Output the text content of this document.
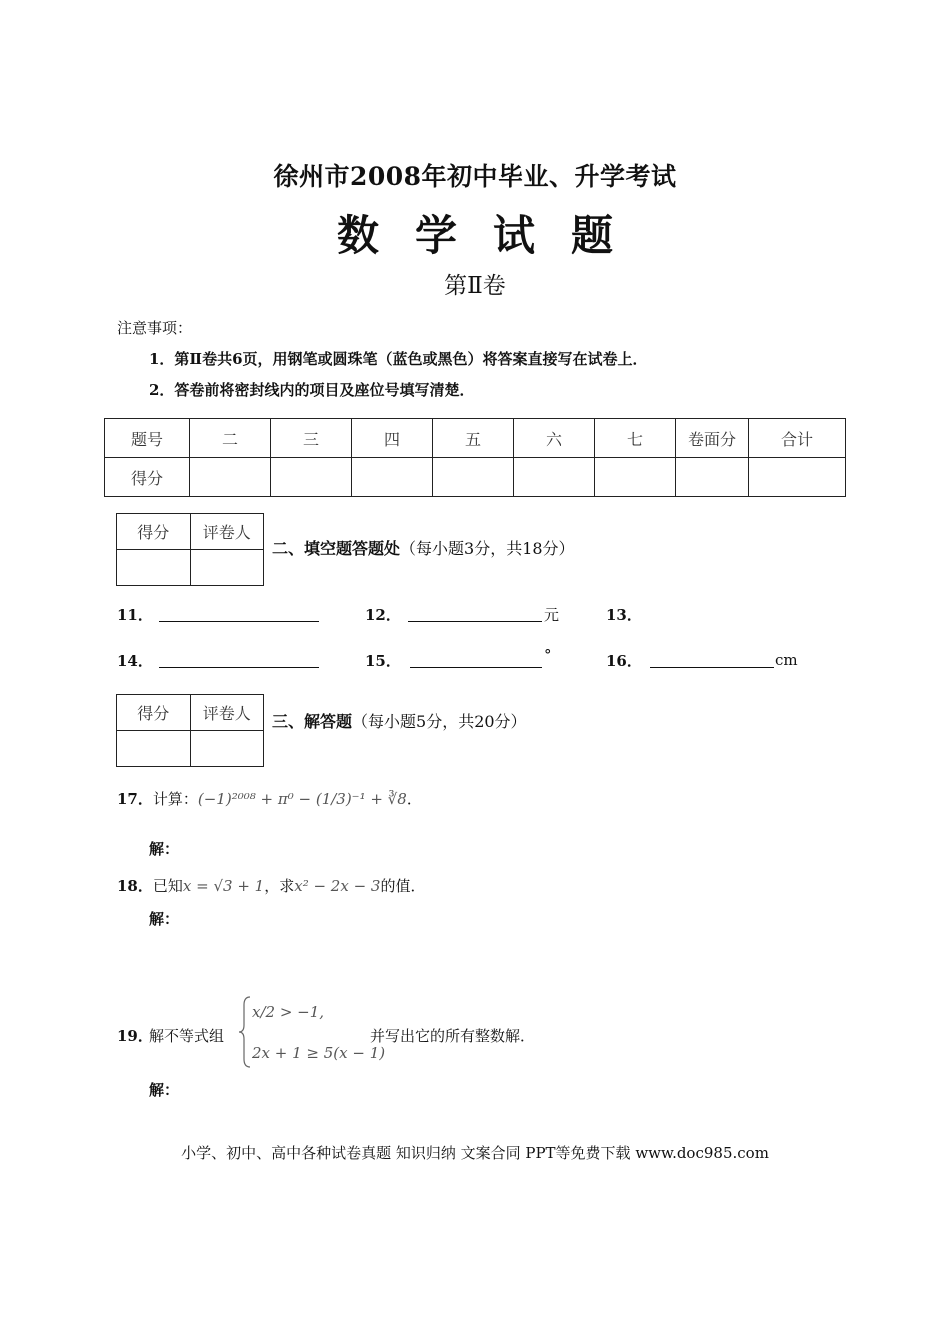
徐州市2008年初中毕业、升学考试
数学试题
第Ⅱ卷
注意事项：
1．第Ⅱ卷共6页，用钢笔或圆珠笔（蓝色或黑色）将答案直接写在试卷上．
2．答卷前将密封线内的项目及座位号填写清楚．
题号	二	三	四	五	六	七	卷面分	合计
得分								
得分	评卷人

二、填空题答题处（每小题3分，共18分）
11．	12．	元	13．
14．	15．	°	16．	cm
得分	评卷人
	三、解答题（每小题5分，共20分）
17．计算：(−1)²⁰⁰⁸ + π⁰ − (1/3)⁻¹ + ∛8．
解：
18．已知x = √3 + 1，求x² − 2x − 3的值．
解：
19．
解不等式组
x/2 > −1,
2x + 1 ≥ 5(x − 1)
并写出它的所有整数解．
解：
小学、初中、高中各种试卷真题 知识归纳 文案合同 PPT等免费下载 www.doc985.com
